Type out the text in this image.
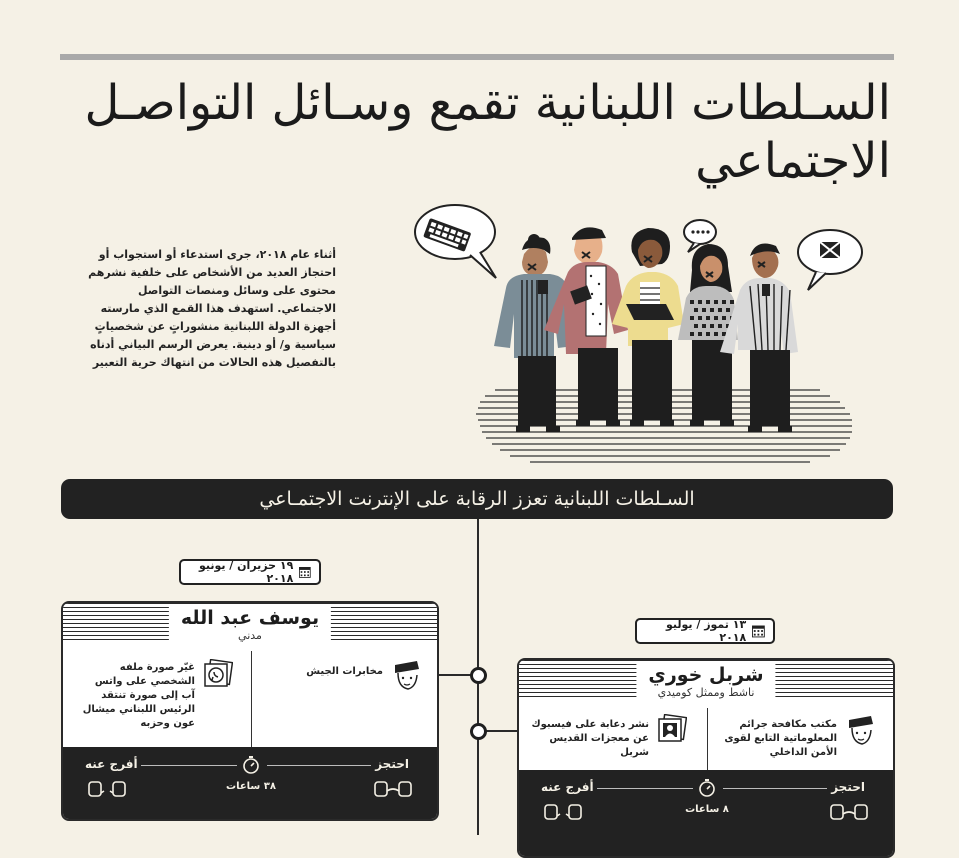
السـلطات اللبنانية تقمع وسـائل التواصـل الاجتماعي

أثناء عام ٢٠١٨، جرى استدعاء أو استجواب أو احتجاز العديد من الأشخاص على خلفية نشرهم محتوى على وسائل ومنصات التواصل الاجتماعي. استهدف هذا القمع الذي مارسته أجهزة الدولة اللبنانية منشوراتٍ عن شخصياتٍ سياسية و/ أو دينية. يعرض الرسم البياني أدناه بالتفصيل هذه الحالات من انتهاك حرية التعبير

السـلطات اللبنانية تعزز الرقابة على الإنترنت الاجتمـاعي
١٩ حزيران / يونيو ٢٠١٨
يوسف عبد الله
مدني
مخابرات الجيش
غيّر صورة ملفه الشخصي على واتس آب إلى صورة تنتقد الرئيس اللبناني ميشال عون وحزبه
احتجز
أفرج عنه
٣٨ ساعات
١٣ تموز / يوليو ٢٠١٨
شربل خوري
ناشط وممثل كوميدي
مكتب مكافحة جرائم المعلوماتية التابع لقوى الأمن الداخلي
نشر دعابة على فيسبوك عن معجزات القديس شربل
احتجز
أفرج عنه
٨ ساعات
